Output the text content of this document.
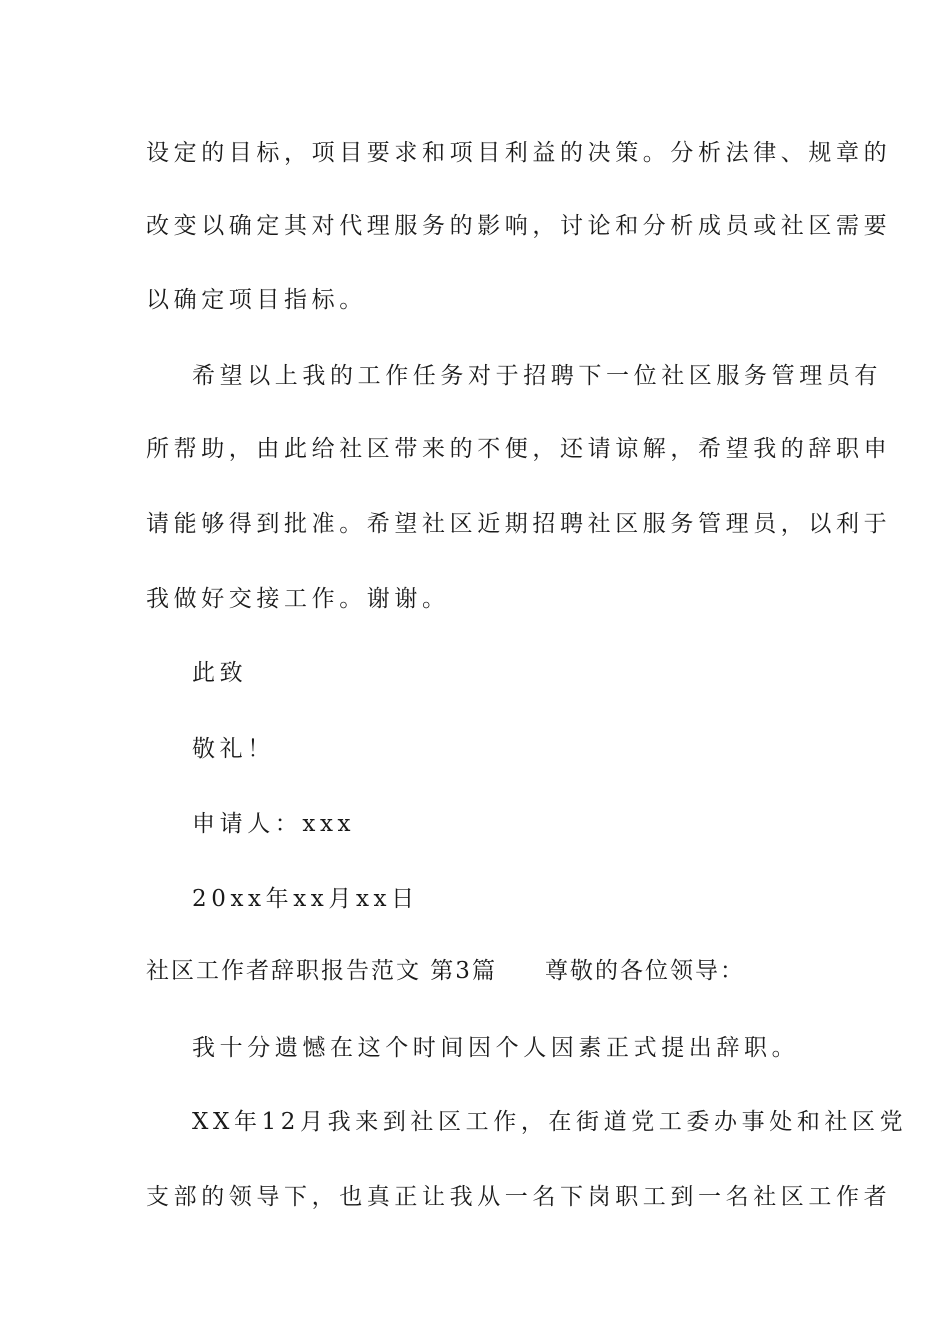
设定的目标，项目要求和项目利益的决策。分析法律、规章的
改变以确定其对代理服务的影响，讨论和分析成员或社区需要
以确定项目指标。
希望以上我的工作任务对于招聘下一位社区服务管理员有
所帮助，由此给社区带来的不便，还请谅解，希望我的辞职申
请能够得到批准。希望社区近期招聘社区服务管理员，以利于
我做好交接工作。谢谢。
此致
敬礼！
申请人：xxx
20xx年xx月xx日
社区工作者辞职报告范文 第3篇 尊敬的各位领导：
我十分遗憾在这个时间因个人因素正式提出辞职。
XX年12月我来到社区工作，在街道党工委办事处和社区党
支部的领导下，也真正让我从一名下岗职工到一名社区工作者
